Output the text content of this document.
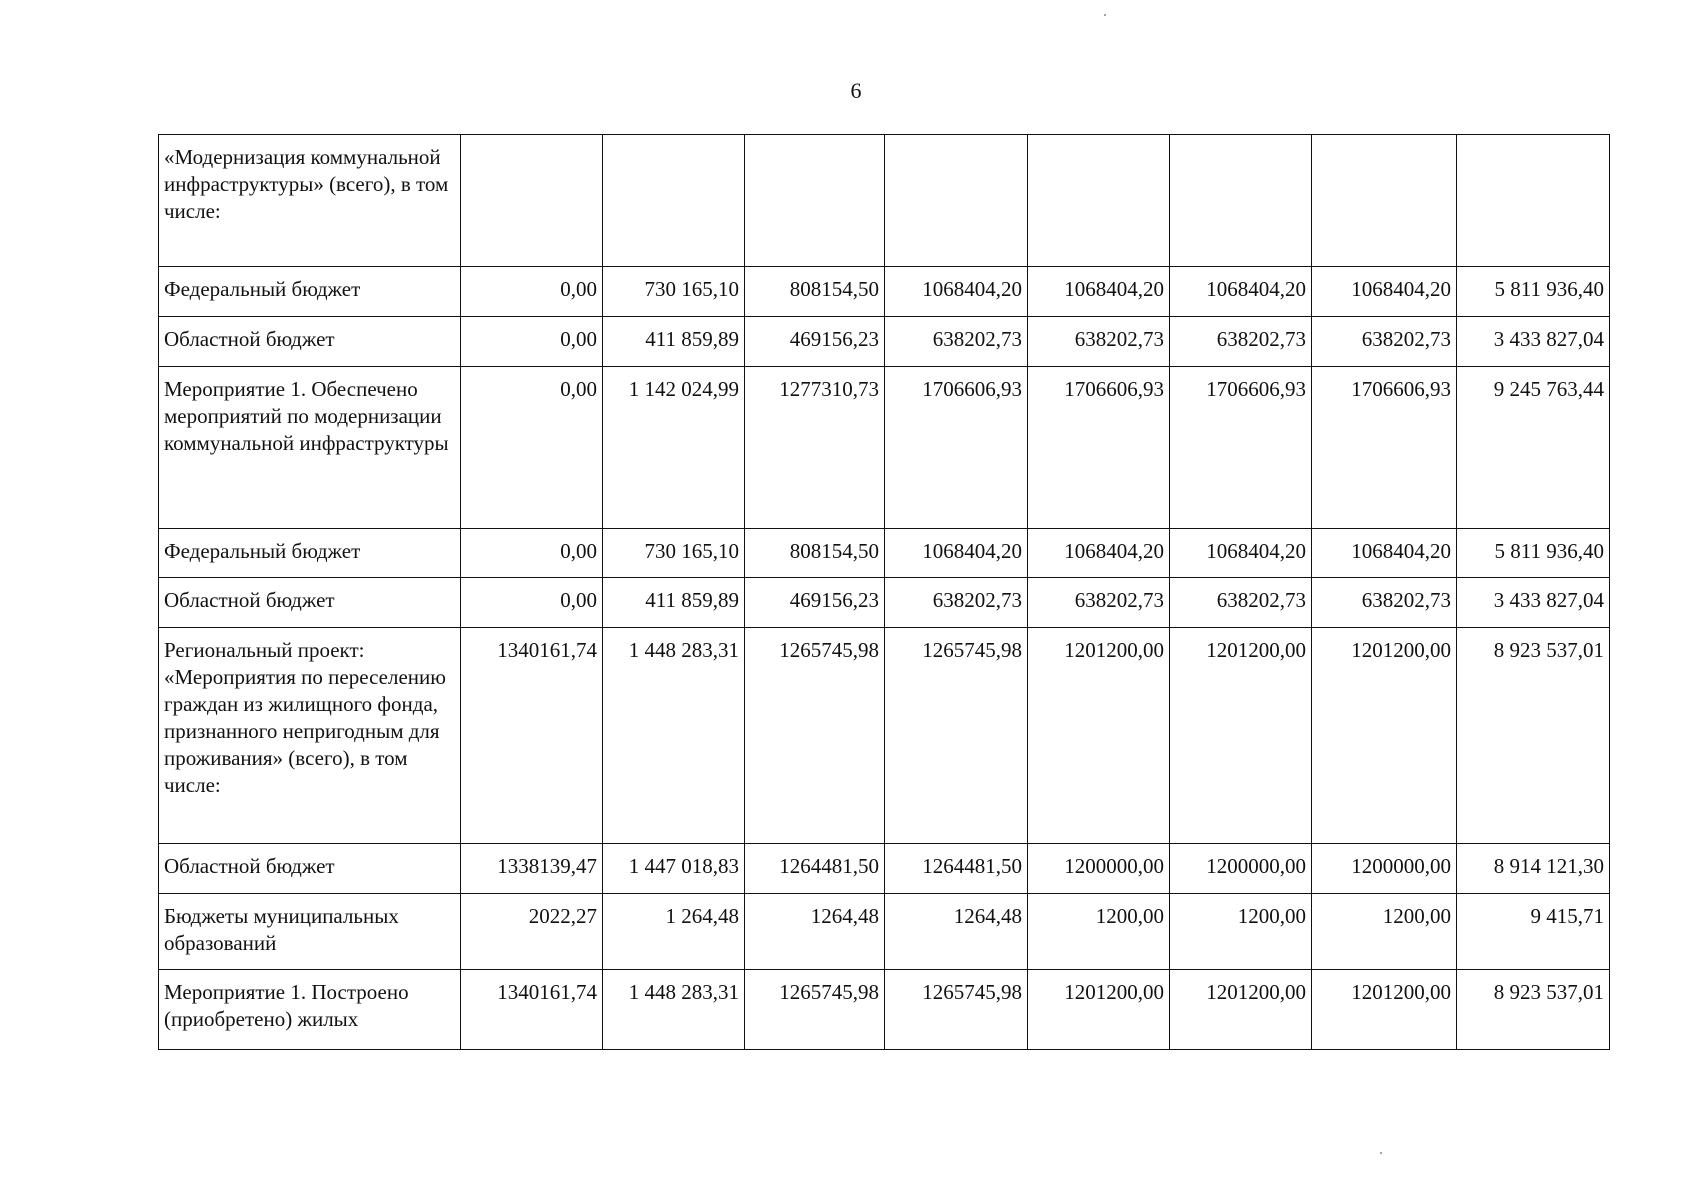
6
«Модернизация коммунальной инфраструктуры» (всего), в том числе:								
Федеральный бюджет	0,00	730 165,10	808154,50	1068404,20	1068404,20	1068404,20	1068404,20	5 811 936,40
Областной бюджет	0,00	411 859,89	469156,23	638202,73	638202,73	638202,73	638202,73	3 433 827,04
Мероприятие 1. Обеспечено мероприятий по модернизации коммунальной инфраструктуры	0,00	1 142 024,99	1277310,73	1706606,93	1706606,93	1706606,93	1706606,93	9 245 763,44
Федеральный бюджет	0,00	730 165,10	808154,50	1068404,20	1068404,20	1068404,20	1068404,20	5 811 936,40
Областной бюджет	0,00	411 859,89	469156,23	638202,73	638202,73	638202,73	638202,73	3 433 827,04
Региональный проект: «Мероприятия по переселению граждан из жилищного фонда, признанного непригодным для проживания» (всего), в том числе:	1340161,74	1 448 283,31	1265745,98	1265745,98	1201200,00	1201200,00	1201200,00	8 923 537,01
Областной бюджет	1338139,47	1 447 018,83	1264481,50	1264481,50	1200000,00	1200000,00	1200000,00	8 914 121,30
Бюджеты муниципальных образований	2022,27	1 264,48	1264,48	1264,48	1200,00	1200,00	1200,00	9 415,71
Мероприятие 1. Построено (приобретено) жилых	1340161,74	1 448 283,31	1265745,98	1265745,98	1201200,00	1201200,00	1201200,00	8 923 537,01
